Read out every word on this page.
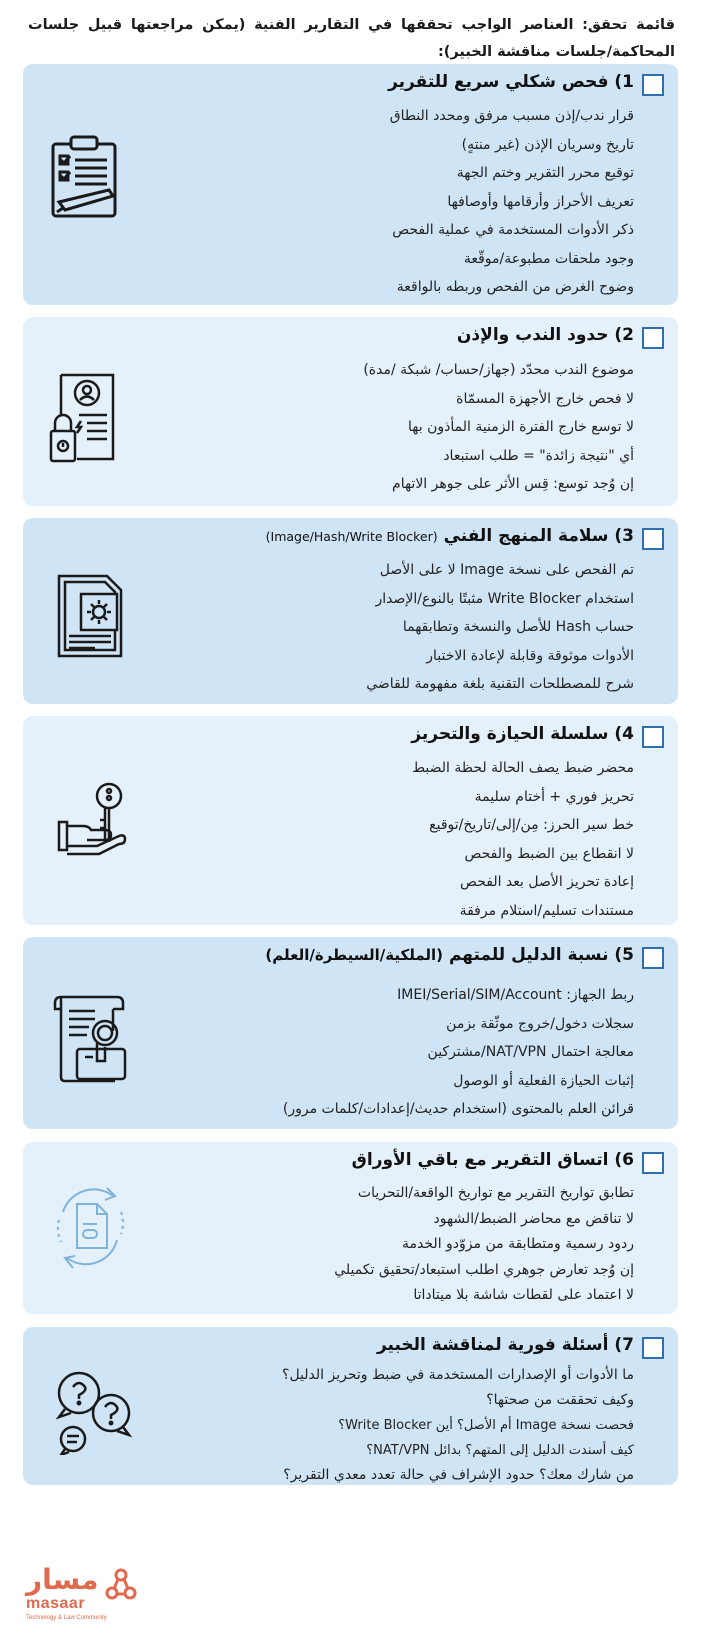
قائمة تحقق: العناصر الواجب تحققها في التقارير الفنية (يمكن مراجعتها قبيل جلسات المحاكمة/جلسات مناقشة الخبير):
1) فحص شكلي سريع للتقرير
قرار ندب/إذن مسبب مرفق ومحدد النطاق
تاريخ وسريان الإذن (غير منتهٍ)
توقيع محرر التقرير وختم الجهة
تعريف الأحراز وأرقامها وأوصافها
ذكر الأدوات المستخدمة في عملية الفحص
وجود ملحقات مطبوعة/موقّعة
وضوح الغرض من الفحص وربطه بالواقعة
2) حدود الندب والإذن
موضوع الندب محدّد (جهاز/حساب/ شبكة /مدة)
لا فحص خارج الأجهزة المسمّاة
لا توسع خارج الفترة الزمنية المأذون بها
أي "نتيجة زائدة" = طلب استبعاد
إن وُجد توسع: قِس الأثر على جوهر الاتهام
3) سلامة المنهج الفني (Image/Hash/Write Blocker)
تم الفحص على نسخة Image لا على الأصل
استخدام Write Blocker مثبتًا بالنوع/الإصدار
حساب Hash للأصل والنسخة وتطابقهما
الأدوات موثوقة وقابلة لإعادة الاختبار
شرح للمصطلحات التقنية بلغة مفهومة للقاضي
4) سلسلة الحيازة والتحريز
محضر ضبط يصف الحالة لحظة الضبط
تحريز فوري + أختام سليمة
خط سير الحرز: مِن/إلى/تاريخ/توقيع
لا انقطاع بين الضبط والفحص
إعادة تحريز الأصل بعد الفحص
مستندات تسليم/استلام مرفقة
5) نسبة الدليل للمتهم (الملكية/السيطرة/العلم)
ربط الجهاز: IMEI/Serial/SIM/Account
سجلات دخول/خروج موثّقة بزمن
معالجة احتمال NAT/VPN/مشتركين
إثبات الحيازة الفعلية أو الوصول
قرائن العلم بالمحتوى (استخدام حديث/إعدادات/كلمات مرور)
6) اتساق التقرير مع باقي الأوراق
تطابق تواريخ التقرير مع تواريخ الواقعة/التحريات
لا تناقض مع محاضر الضبط/الشهود
ردود رسمية ومتطابقة من مزوّدو الخدمة
إن وُجد تعارض جوهري اطلب استبعاد/تحقيق تكميلي
لا اعتماد على لقطات شاشة بلا ميتاداتا
7) أسئلة فورية لمناقشة الخبير
ما الأدوات أو الإصدارات المستخدمة في ضبط وتحريز الدليل؟
وكيف تحققت من صحتها؟
فحصت نسخة Image أم الأصل؟ أين Write Blocker؟
كيف أسندت الدليل إلى المتهم؟ بدائل NAT/VPN؟
من شارك معك؟ حدود الإشراف في حالة تعدد معدي التقرير؟
مسار
masaar
Technology & Law Community
